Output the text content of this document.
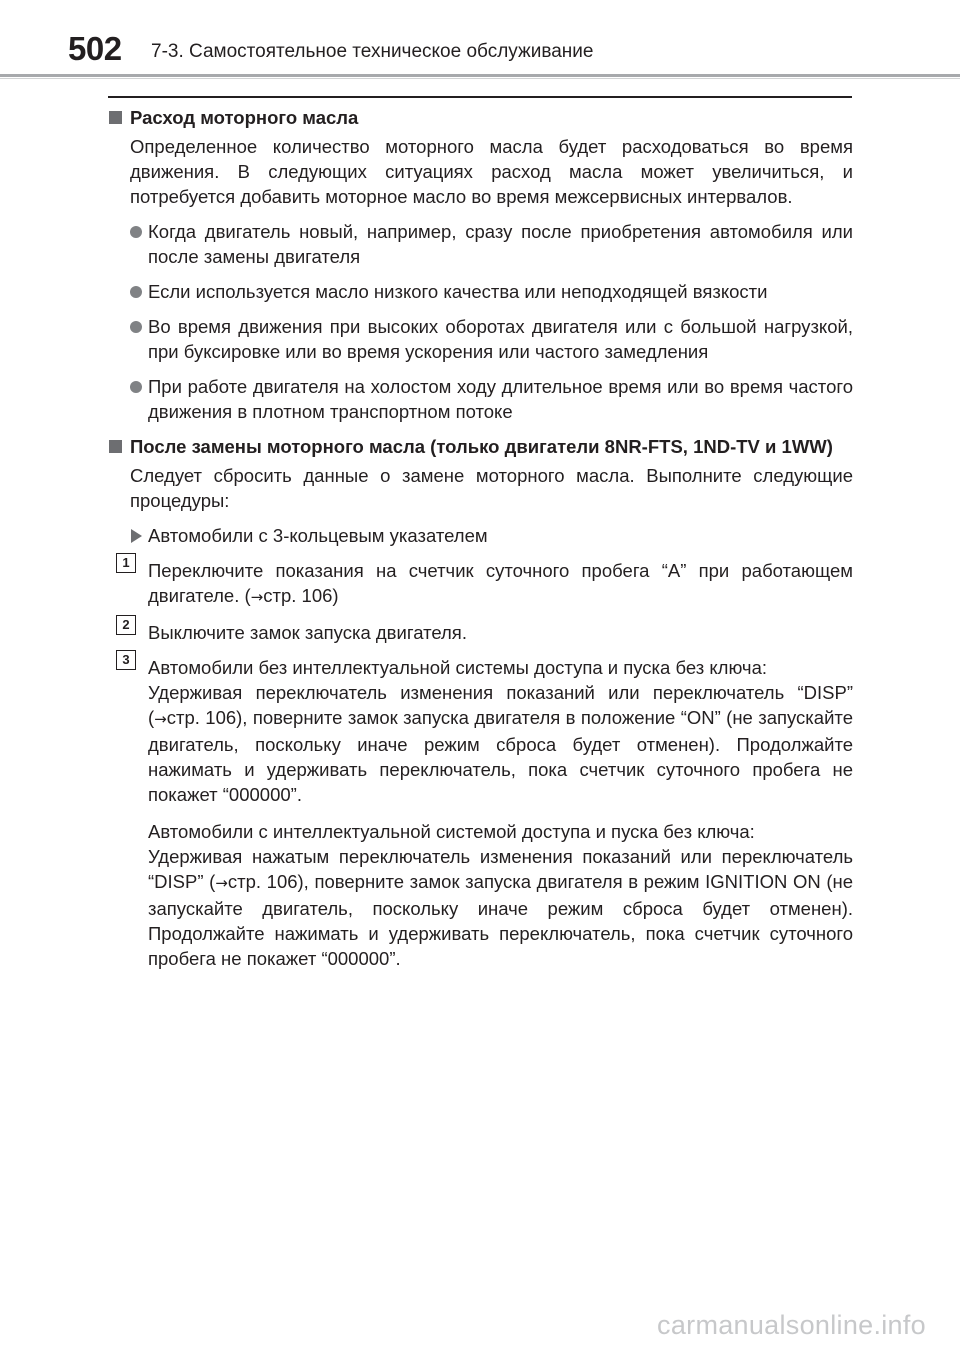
502 7-3. Самостоятельное техническое обслуживание
Расход моторного масла
Определенное количество моторного масла будет расходоваться во время движения. В следующих ситуациях расход масла может увеличиться, и потребуется добавить моторное масло во время межсервисных интервалов.
Когда двигатель новый, например, сразу после приобретения автомобиля или после замены двигателя
Если используется масло низкого качества или неподходящей вязкости
Во время движения при высоких оборотах двигателя или с большой нагрузкой, при буксировке или во время ускорения или частого замедления
При работе двигателя на холостом ходу длительное время или во время частого движения в плотном транспортном потоке
После замены моторного масла (только двигатели 8NR-FTS, 1ND-TV и 1WW)
Следует сбросить данные о замене моторного масла. Выполните следующие процедуры:
Автомобили с 3-кольцевым указателем
1 Переключите показания на счетчик суточного пробега “A” при работающем двигателе. (→стр. 106)
2 Выключите замок запуска двигателя.
3 Автомобили без интеллектуальной системы доступа и пуска без ключа:
Удерживая переключатель изменения показаний или переключатель “DISP” (→стр. 106), поверните замок запуска двигателя в положение “ON” (не запускайте двигатель, поскольку иначе режим сброса будет отменен). Продолжайте нажимать и удерживать переключатель, пока счетчик суточного пробега не покажет “000000”.
Автомобили с интеллектуальной системой доступа и пуска без ключа:
Удерживая нажатым переключатель изменения показаний или переключатель “DISP” (→стр. 106), поверните замок запуска двигателя в режим IGNITION ON (не запускайте двигатель, поскольку иначе режим сброса будет отменен). Продолжайте нажимать и удерживать переключатель, пока счетчик суточного пробега не покажет “000000”.
carmanualsonline.info
